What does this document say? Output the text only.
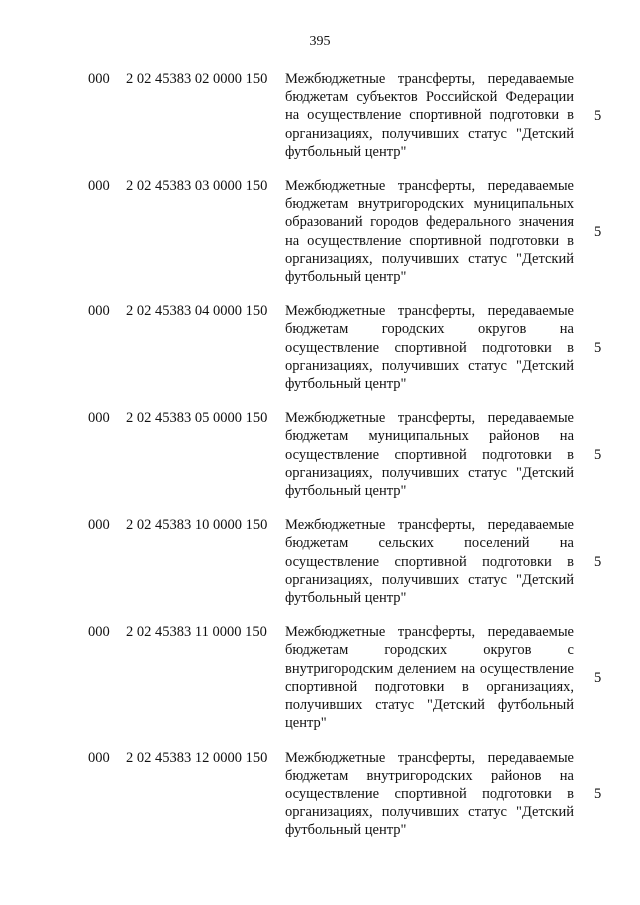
395
000 2 02 45383 02 0000 150 Межбюджетные трансферты, передаваемые бюджетам субъектов Российской Федерации на осуществление спортивной подготовки в организациях, получивших статус "Детский футбольный центр"
5
000 2 02 45383 03 0000 150 Межбюджетные трансферты, передаваемые бюджетам внутригородских муниципальных образований городов федерального значения на осуществление спортивной подготовки в организациях, получивших статус "Детский футбольный центр"
5
000 2 02 45383 04 0000 150 Межбюджетные трансферты, передаваемые бюджетам городских округов на осуществление спортивной подготовки в организациях, получивших статус "Детский футбольный центр"
5
000 2 02 45383 05 0000 150 Межбюджетные трансферты, передаваемые бюджетам муниципальных районов на осуществление спортивной подготовки в организациях, получивших статус "Детский футбольный центр"
5
000 2 02 45383 10 0000 150 Межбюджетные трансферты, передаваемые бюджетам сельских поселений на осуществление спортивной подготовки в организациях, получивших статус "Детский футбольный центр"
5
000 2 02 45383 11 0000 150 Межбюджетные трансферты, передаваемые бюджетам городских округов с внутригородским делением на осуществление спортивной подготовки в организациях, получивших статус "Детский футбольный центр"
5
000 2 02 45383 12 0000 150 Межбюджетные трансферты, передаваемые бюджетам внутригородских районов на осуществление спортивной подготовки в организациях, получивших статус "Детский футбольный центр"
5
